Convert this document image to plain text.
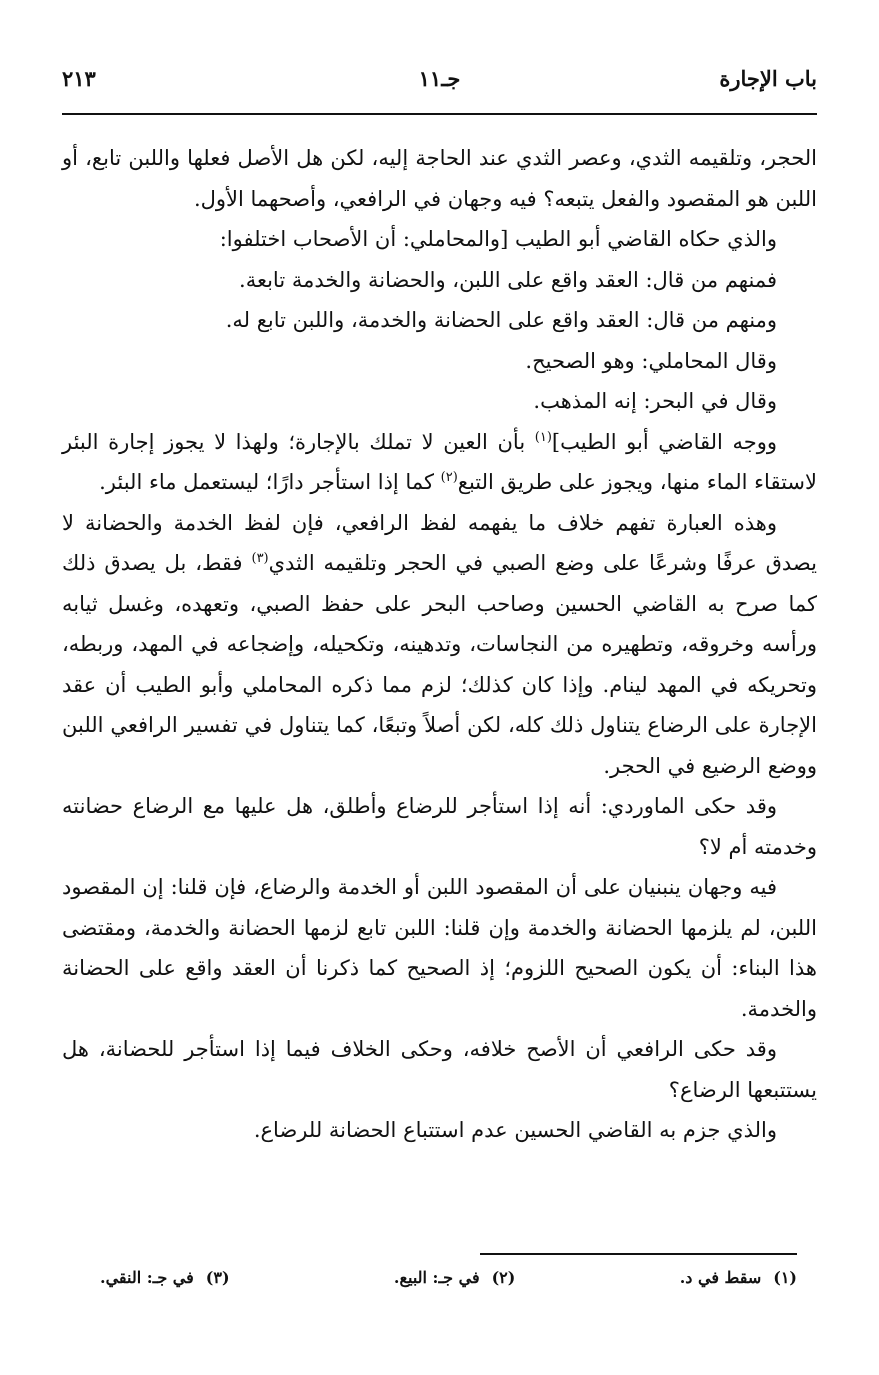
باب الإجارة
جـ١١
٢١٣

الحجر، وتلقيمه الثدي، وعصر الثدي عند الحاجة إليه، لكن هل الأصل فعلها واللبن تابع، أو اللبن هو المقصود والفعل يتبعه؟ فيه وجهان في الرافعي، وأصحهما الأول.

والذي حكاه القاضي أبو الطيب [والمحاملي: أن الأصحاب اختلفوا:

فمنهم من قال: العقد واقع على اللبن، والحضانة والخدمة تابعة.

ومنهم من قال: العقد واقع على الحضانة والخدمة، واللبن تابع له.

وقال المحاملي: وهو الصحيح.

وقال في البحر: إنه المذهب.

ووجه القاضي أبو الطيب]$^{(١)}$ بأن العين لا تملك بالإجارة؛ ولهذا لا يجوز إجارة البئر لاستقاء الماء منها، ويجوز على طريق التبع$^{(٢)}$ كما إذا استأجر دارًا؛ ليستعمل ماء البئر.

وهذه العبارة تفهم خلاف ما يفهمه لفظ الرافعي، فإن لفظ الخدمة والحضانة لا يصدق عرفًا وشرعًا على وضع الصبي في الحجر وتلقيمه الثدي$^{(٣)}$ فقط، بل يصدق ذلك كما صرح به القاضي الحسين وصاحب البحر على حفظ الصبي، وتعهده، وغسل ثيابه ورأسه وخروقه، وتطهيره من النجاسات، وتدهينه، وتكحيله، وإضجاعه في المهد، وربطه، وتحريكه في المهد لينام. وإذا كان كذلك؛ لزم مما ذكره المحاملي وأبو الطيب أن عقد الإجارة على الرضاع يتناول ذلك كله، لكن أصلاً وتبعًا، كما يتناول في تفسير الرافعي اللبن ووضع الرضيع في الحجر.

وقد حكى الماوردي: أنه إذا استأجر للرضاع وأطلق، هل عليها مع الرضاع حضانته وخدمته أم لا؟

فيه وجهان ينبنيان على أن المقصود اللبن أو الخدمة والرضاع، فإن قلنا: إن المقصود اللبن، لم يلزمها الحضانة والخدمة وإن قلنا: اللبن تابع لزمها الحضانة والخدمة، ومقتضى هذا البناء: أن يكون الصحيح اللزوم؛ إذ الصحيح كما ذكرنا أن العقد واقع على الحضانة والخدمة.

وقد حكى الرافعي أن الأصح خلافه، وحكى الخلاف فيما إذا استأجر للحضانة، هل يستتبعها الرضاع؟

والذي جزم به القاضي الحسين عدم استتباع الحضانة للرضاع.

(١)سقط في د.
(٢)في جـ: البيع.
(٣)في جـ: النقي.
